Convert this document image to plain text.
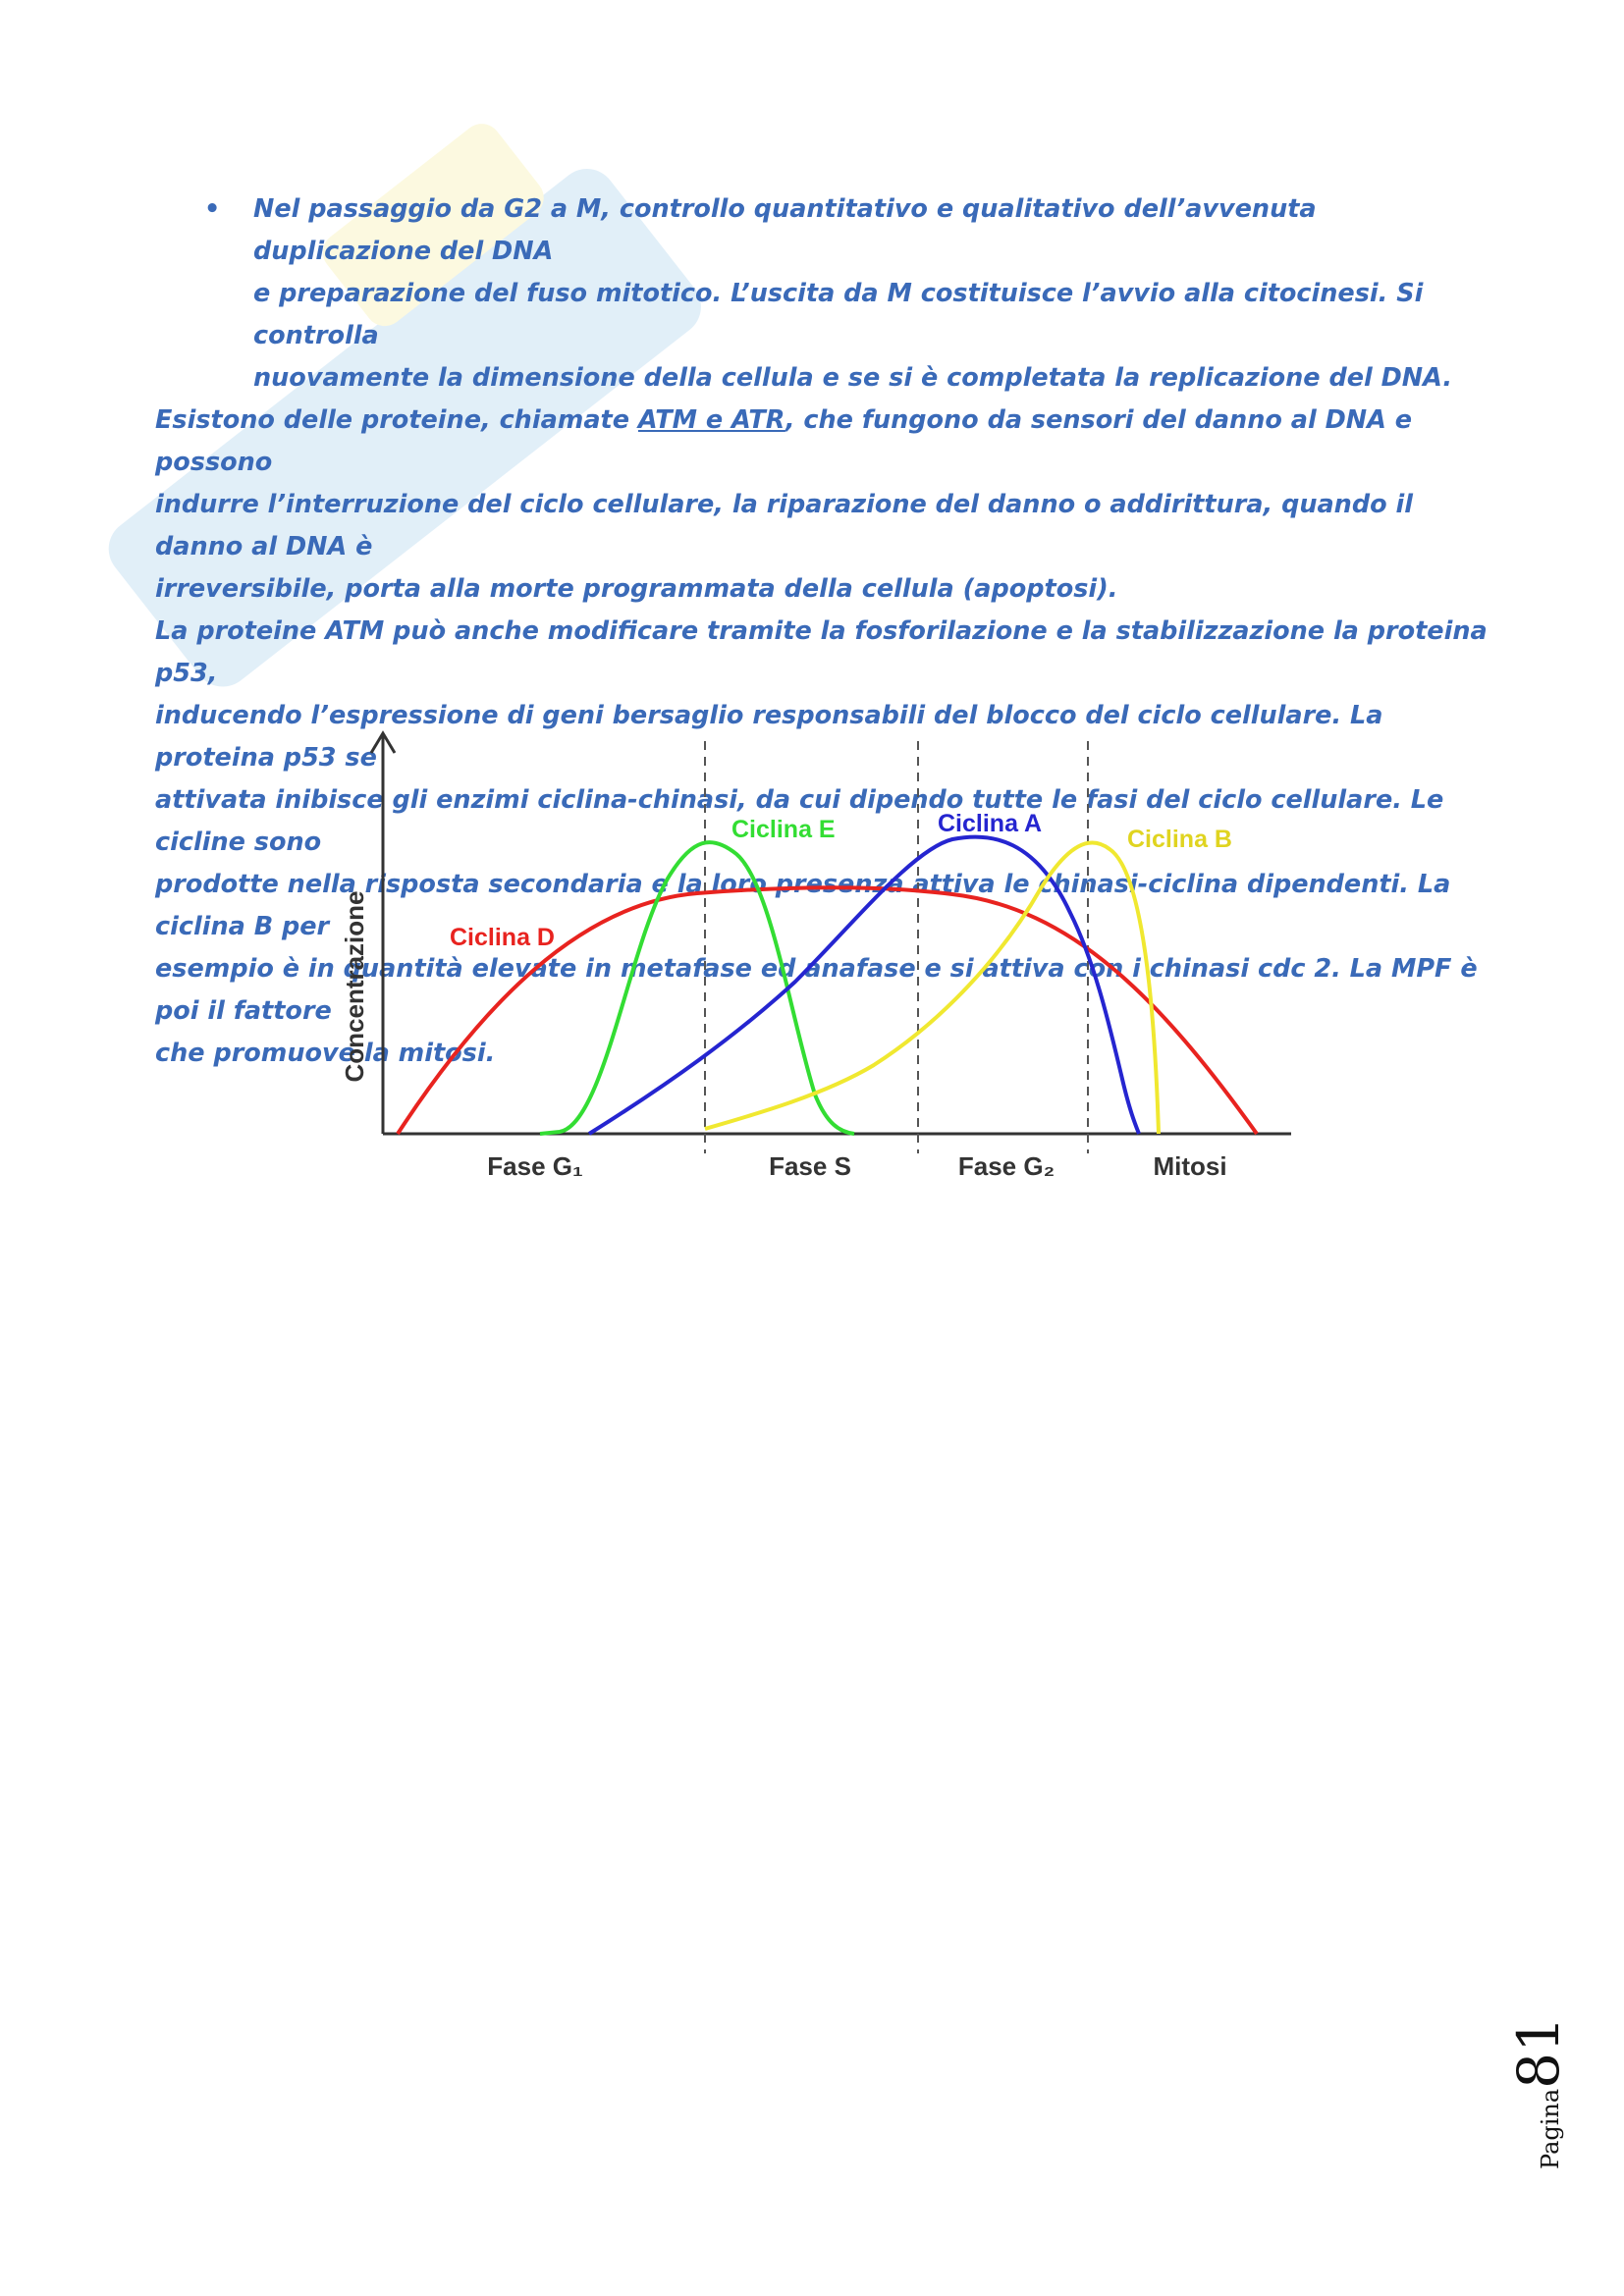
• Nel passaggio da G2 a M, controllo quantitativo e qualitativo dell’avvenuta duplicazione del DNA
e preparazione del fuso mitotico. L’uscita da M costituisce l’avvio alla citocinesi. Si controlla
nuovamente la dimensione della cellula e se si è completata la replicazione del DNA.

Esistono delle proteine, chiamate ATM e ATR, che fungono da sensori del danno al DNA e possono
indurre l’interruzione del ciclo cellulare, la riparazione del danno o addirittura, quando il danno al DNA è
irreversibile, porta alla morte programmata della cellula (apoptosi).

La proteine ATM può anche modificare tramite la fosforilazione e la stabilizzazione la proteina p53,
inducendo l’espressione di geni bersaglio responsabili del blocco del ciclo cellulare. La proteina p53 se
attivata inibisce gli enzimi ciclina-chinasi, da cui dipendo tutte le fasi del ciclo cellulare. Le cicline sono
prodotte nella risposta secondaria e la loro presenza attiva le chinasi-ciclina dipendenti. La ciclina B per
esempio è in quantità elevate in metafase ed anafase e si attiva con i chinasi cdc 2. La MPF è poi il fattore
che promuove la mitosi.

Concentrazione	Ciclina D
Ciclina E	Ciclina A
Ciclina B
Fase G₁	Fase S	Fase G₂	Mitosi
Pagina
81
